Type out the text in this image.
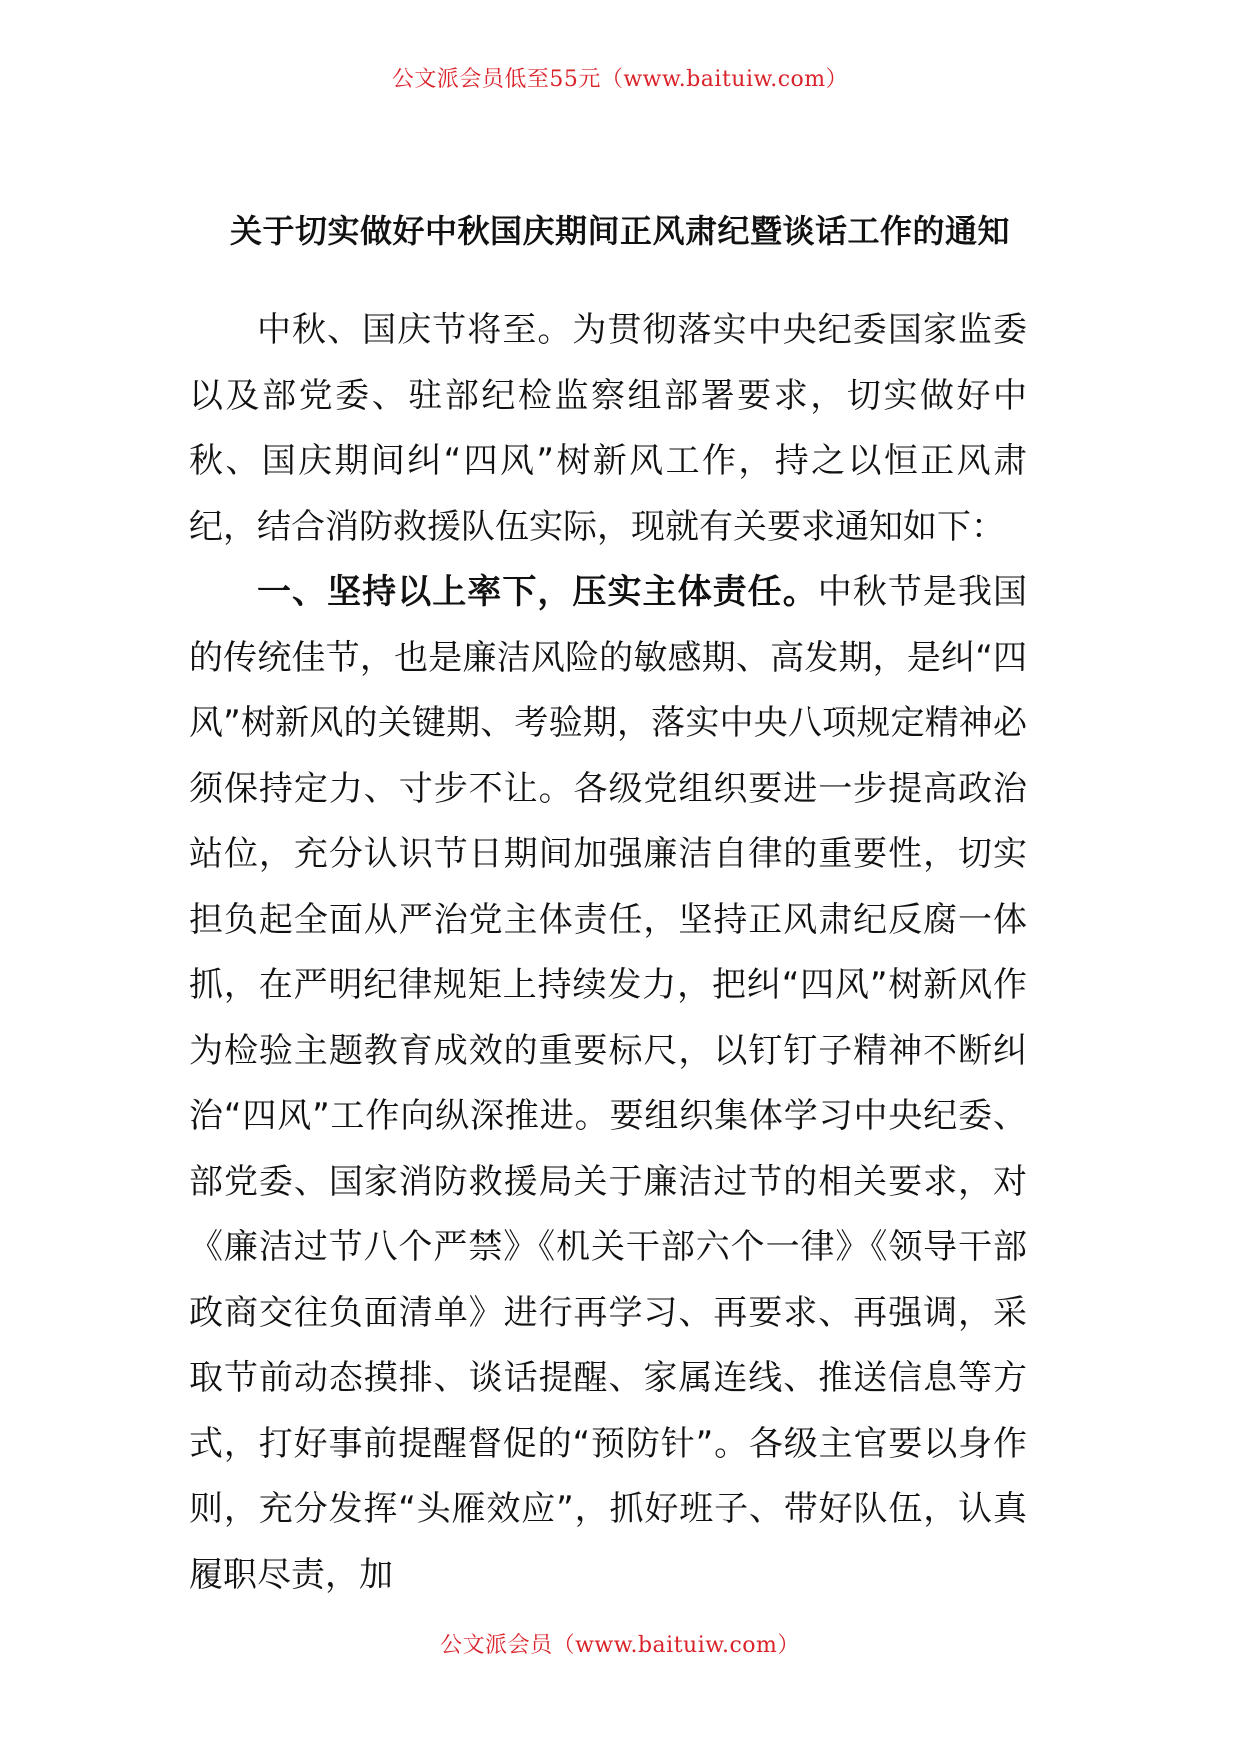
公文派会员低至55元（www.baituiw.com）
关于切实做好中秋国庆期间正风肃纪暨谈话工作的通知

中秋、国庆节将至。为贯彻落实中央纪委国家监委以及部党委、驻部纪检监察组部署要求，切实做好中秋、国庆期间纠“四风”树新风工作，持之以恒正风肃纪，结合消防救援队伍实际，现就有关要求通知如下：

一、坚持以上率下，压实主体责任。中秋节是我国的传统佳节，也是廉洁风险的敏感期、高发期，是纠“四风”树新风的关键期、考验期，落实中央八项规定精神必须保持定力、寸步不让。各级党组织要进一步提高政治站位，充分认识节日期间加强廉洁自律的重要性，切实担负起全面从严治党主体责任，坚持正风肃纪反腐一体抓，在严明纪律规矩上持续发力，把纠“四风”树新风作为检验主题教育成效的重要标尺，以钉钉子精神不断纠治“四风”工作向纵深推进。要组织集体学习中央纪委、部党委、国家消防救援局关于廉洁过节的相关要求，对《廉洁过节八个严禁》《机关干部六个一律》《领导干部政商交往负面清单》进行再学习、再要求、再强调，采取节前动态摸排、谈话提醒、家属连线、推送信息等方式，打好事前提醒督促的“预防针”。各级主官要以身作则，充分发挥“头雁效应”，抓好班子、带好队伍，认真履职尽责，加

公文派会员（www.baituiw.com）
